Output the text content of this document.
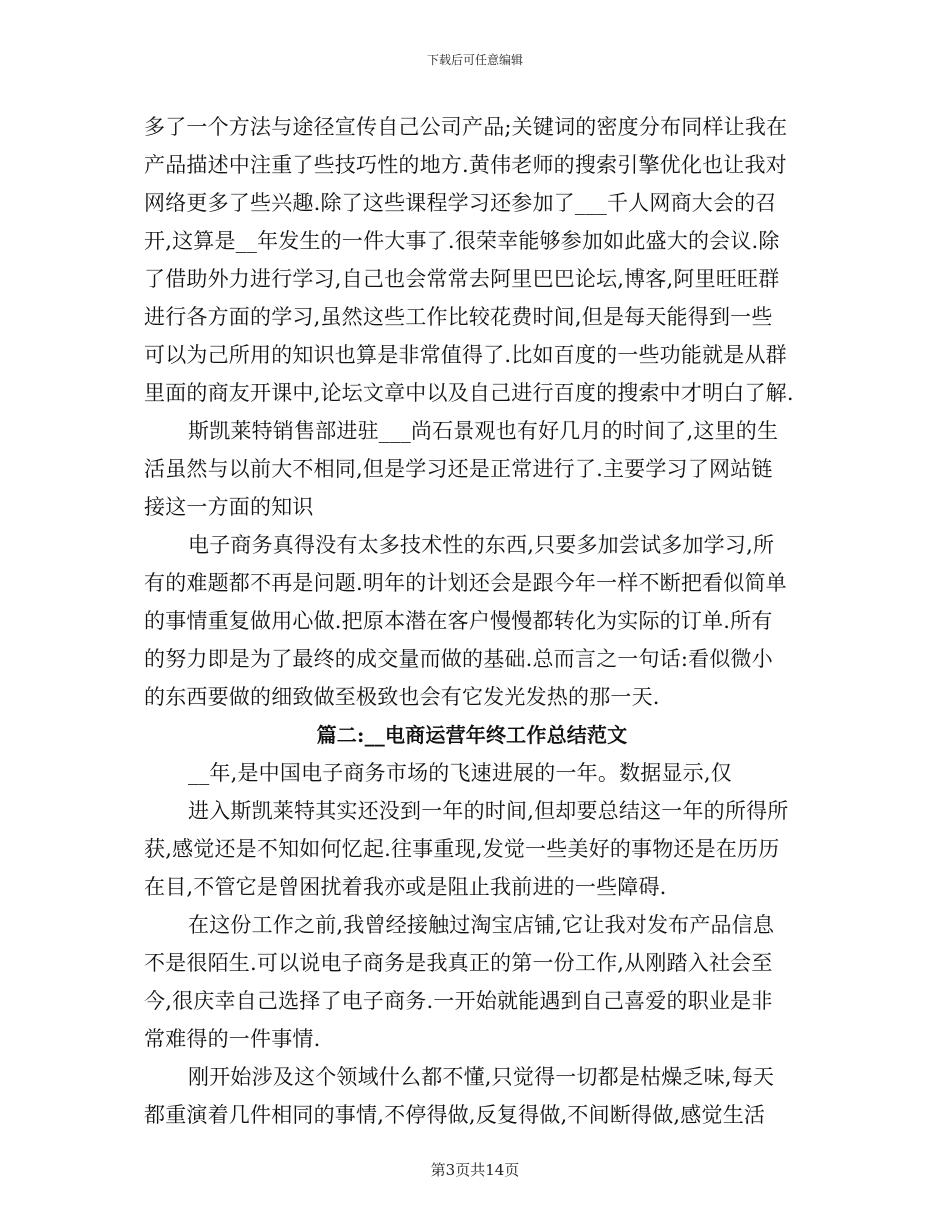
下载后可任意编辑
多了一个方法与途径宣传自己公司产品;关键词的密度分布同样让我在
产品描述中注重了些技巧性的地方.黄伟老师的搜索引擎优化也让我对
网络更多了些兴趣.除了这些课程学习还参加了___千人网商大会的召
开,这算是__年发生的一件大事了.很荣幸能够参加如此盛大的会议.除
了借助外力进行学习,自己也会常常去阿里巴巴论坛,博客,阿里旺旺群
进行各方面的学习,虽然这些工作比较花费时间,但是每天能得到一些
可以为己所用的知识也算是非常值得了.比如百度的一些功能就是从群
里面的商友开课中,论坛文章中以及自己进行百度的搜索中才明白了解.
斯凯莱特销售部进驻___尚石景观也有好几月的时间了,这里的生
活虽然与以前大不相同,但是学习还是正常进行了.主要学习了网站链
接这一方面的知识
电子商务真得没有太多技术性的东西,只要多加尝试多加学习,所
有的难题都不再是问题.明年的计划还会是跟今年一样不断把看似简单
的事情重复做用心做.把原本潜在客户慢慢都转化为实际的订单.所有
的努力即是为了最终的成交量而做的基础.总而言之一句话:看似微小
的东西要做的细致做至极致也会有它发光发热的那一天.
篇二:__电商运营年终工作总结范文
__年,是中国电子商务市场的飞速进展的一年。数据显示,仅
进入斯凯莱特其实还没到一年的时间,但却要总结这一年的所得所
获,感觉还是不知如何忆起.往事重现,发觉一些美好的事物还是在历历
在目,不管它是曾困扰着我亦或是阻止我前进的一些障碍.
在这份工作之前,我曾经接触过淘宝店铺,它让我对发布产品信息
不是很陌生.可以说电子商务是我真正的第一份工作,从刚踏入社会至
今,很庆幸自己选择了电子商务.一开始就能遇到自己喜爱的职业是非
常难得的一件事情.
刚开始涉及这个领域什么都不懂,只觉得一切都是枯燥乏味,每天
都重演着几件相同的事情,不停得做,反复得做,不间断得做,感觉生活
第3页共14页
